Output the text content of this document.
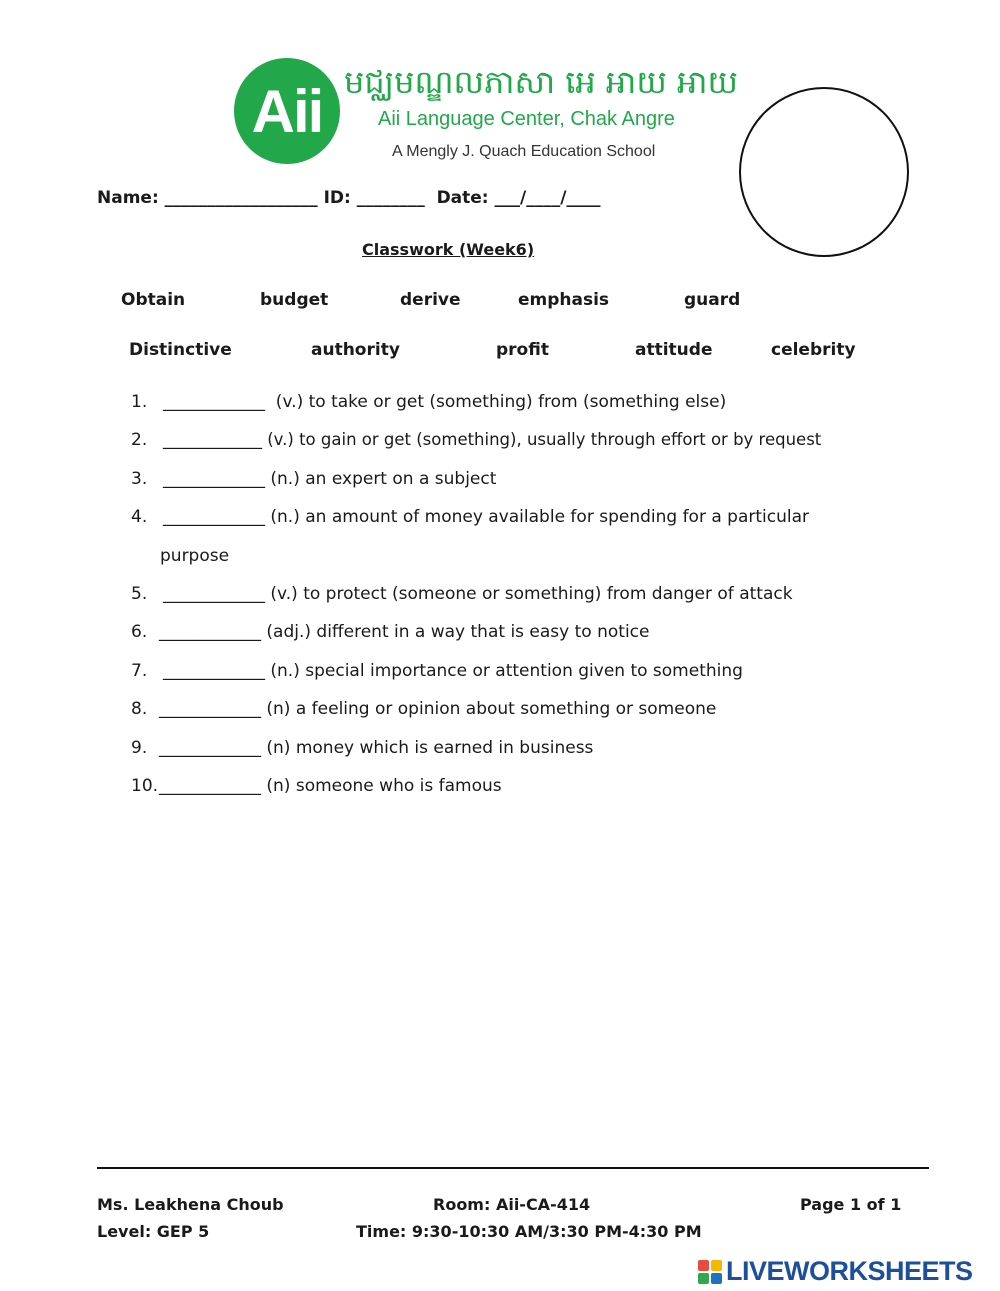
Aii មជ្ឈមណ្ឌលភាសា អេ អាយ អាយ
Aii Language Center, Chak Angre
A Mengly J. Quach Education School
Name: __________________ ID: ________  Date: ___/____/____
Classwork (Week6)
Obtain	budget	derive	emphasis	guard
Distinctive	authority	profit	attitude	celebrity
1. ____________  (v.) to take or get (something) from (something else)
2. ____________ (v.) to gain or get (something), usually through effort or by request
3. ____________ (n.) an expert on a subject
4. ____________ (n.) an amount of money available for spending for a particular
purpose
5. ____________ (v.) to protect (someone or something) from danger of attack
6. ____________ (adj.) different in a way that is easy to notice
7. ____________ (n.) special importance or attention given to something
8. ____________ (n) a feeling or opinion about something or someone
9. ____________ (n) money which is earned in business
10. ____________ (n) someone who is famous
Ms. Leakhena Choub
Level: GEP 5
Room: Aii-CA-414
Time: 9:30-10:30 AM/3:30 PM-4:30 PM
Page 1 of 1
LIVEWORKSHEETS
